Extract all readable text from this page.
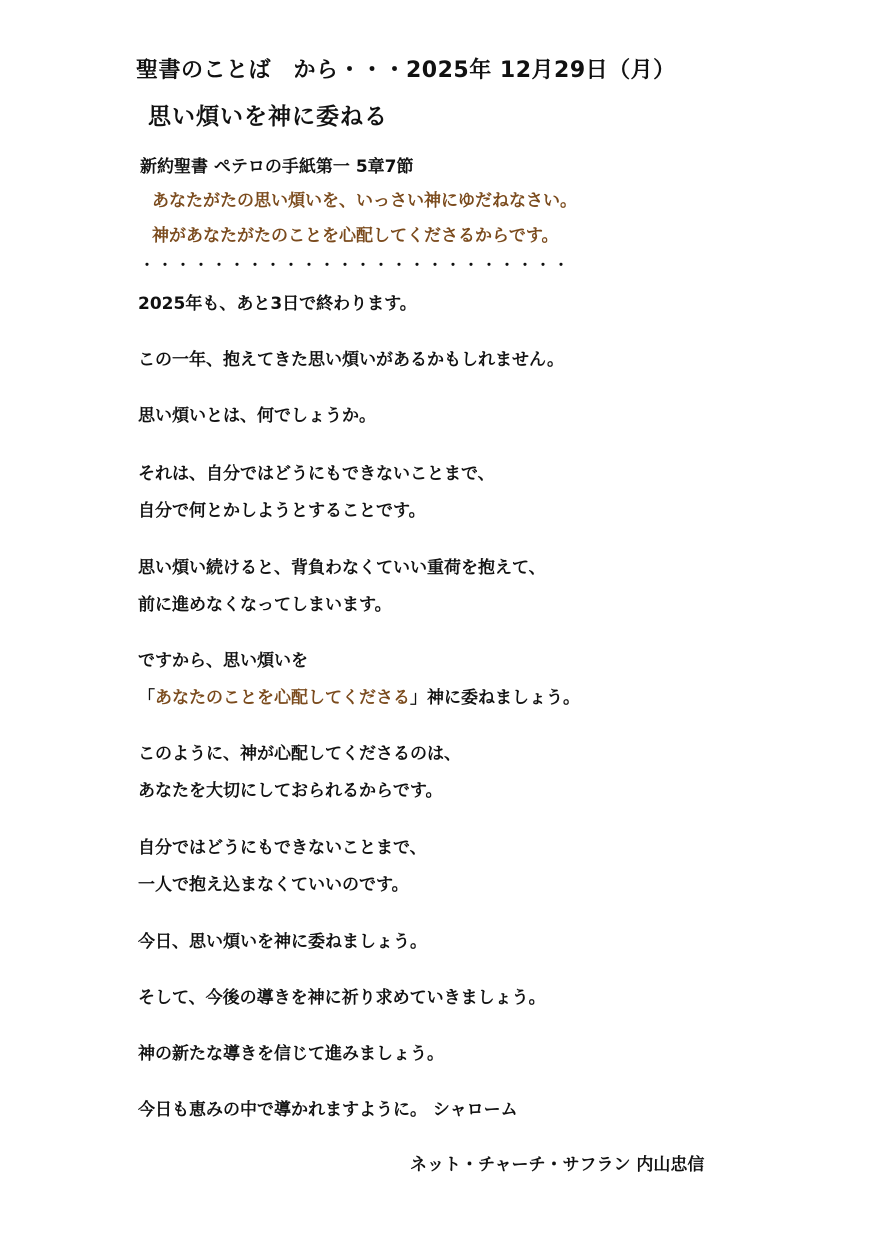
聖書のことば　から・・・2025年 12月29日（月）
思い煩いを神に委ねる
新約聖書 ペテロの手紙第一 5章7節
あなたがたの思い煩いを、いっさい神にゆだねなさい。
神があなたがたのことを心配してくださるからです。
・・・・・・・・・・・・・・・・・・・・・・・・
2025年も、あと3日で終わります。
この一年、抱えてきた思い煩いがあるかもしれません。
思い煩いとは、何でしょうか。
それは、自分ではどうにもできないことまで、
自分で何とかしようとすることです。
思い煩い続けると、背負わなくていい重荷を抱えて、
前に進めなくなってしまいます。
ですから、思い煩いを
「あなたのことを心配してくださる」神に委ねましょう。
このように、神が心配してくださるのは、
あなたを大切にしておられるからです。
自分ではどうにもできないことまで、
一人で抱え込まなくていいのです。
今日、思い煩いを神に委ねましょう。
そして、今後の導きを神に祈り求めていきましょう。
神の新たな導きを信じて進みましょう。
今日も恵みの中で導かれますように。 シャローム
ネット・チャーチ・サフラン 内山忠信
